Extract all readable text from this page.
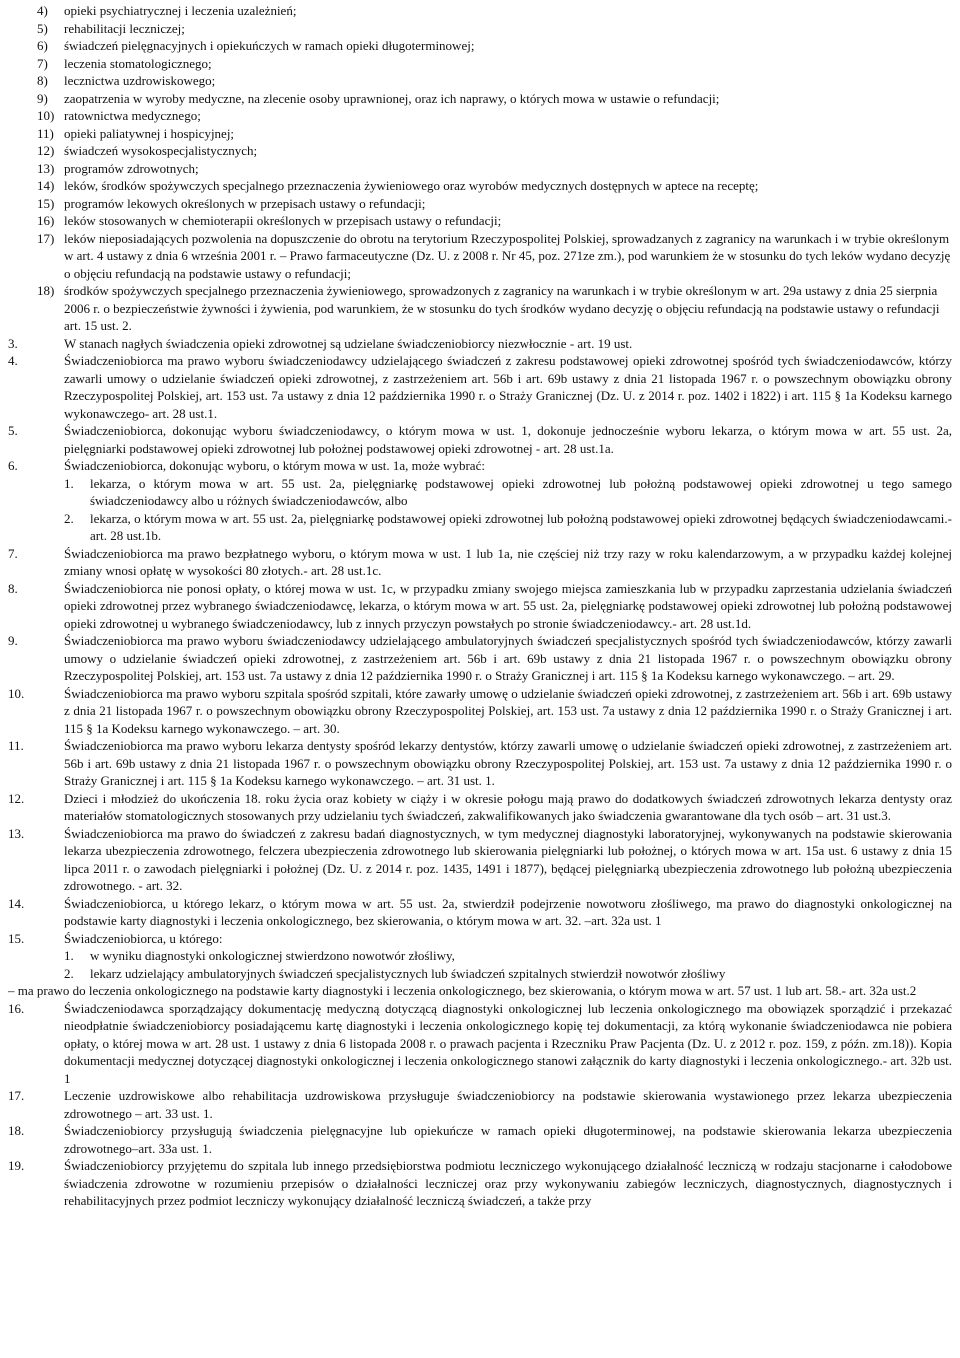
4)	opieki psychiatrycznej i leczenia uzależnień;
5)	rehabilitacji leczniczej;
6)	świadczeń pielęgnacyjnych i opiekuńczych w ramach opieki długoterminowej;
7)	leczenia stomatologicznego;
8)	lecznictwa uzdrowiskowego;
9)	zaopatrzenia w wyroby medyczne, na zlecenie osoby uprawnionej, oraz ich naprawy, o których mowa w ustawie o refundacji;
10) ratownictwa medycznego;
11) opieki paliatywnej i hospicyjnej;
12) świadczeń wysokospecjalistycznych;
13) programów zdrowotnych;
14) leków, środków spożywczych specjalnego przeznaczenia żywieniowego oraz wyrobów medycznych dostępnych w aptece na receptę;
15) programów lekowych określonych w przepisach ustawy o refundacji;
16) leków stosowanych w chemioterapii określonych w przepisach ustawy o refundacji;
17) leków nieposiadających pozwolenia na dopuszczenie do obrotu na terytorium Rzeczypospolitej Polskiej, sprowadzanych z zagranicy na warunkach i w trybie określonym w art. 4 ustawy z dnia 6 września 2001 r. – Prawo farmaceutyczne (Dz. U. z 2008 r. Nr 45, poz. 271ze zm.), pod warunkiem że w stosunku do tych leków wydano decyzję o objęciu refundacją na podstawie ustawy o refundacji;
18) środków spożywczych specjalnego przeznaczenia żywieniowego, sprowadzonych z zagranicy na warunkach i w trybie określonym w art. 29a ustawy z dnia 25 sierpnia 2006 r. o bezpieczeństwie żywności i żywienia, pod warunkiem, że w stosunku do tych środków wydano decyzję o objęciu refundacją na podstawie ustawy o refundacji art. 15 ust. 2.
3.	W stanach nagłych świadczenia opieki zdrowotnej są udzielane świadczeniobiorcy niezwłocznie - art. 19 ust.
4.	Świadczeniobiorca ma prawo wyboru świadczeniodawcy udzielającego świadczeń z zakresu podstawowej opieki zdrowotnej spośród tych świadczeniodawców, którzy zawarli umowy o udzielanie świadczeń opieki zdrowotnej, z zastrzeżeniem art. 56b i art. 69b ustawy z dnia 21 listopada 1967 r. o powszechnym obowiązku obrony Rzeczypospolitej Polskiej, art. 153 ust. 7a ustawy z dnia 12 października 1990 r. o Straży Granicznej (Dz. U. z 2014 r. poz. 1402 i 1822) i art. 115 § 1a Kodeksu karnego wykonawczego- art. 28 ust.1.
5.	Świadczeniobiorca, dokonując wyboru świadczeniodawcy, o którym mowa w ust. 1, dokonuje jednocześnie wyboru lekarza, o którym mowa w art. 55 ust. 2a, pielęgniarki podstawowej opieki zdrowotnej lub położnej podstawowej opieki zdrowotnej - art. 28 ust.1a.
6.	Świadczeniobiorca, dokonując wyboru, o którym mowa w ust. 1a, może wybrać:
1.	lekarza, o którym mowa w art. 55 ust. 2a, pielęgniarkę podstawowej opieki zdrowotnej lub położną podstawowej opieki zdrowotnej u tego samego świadczeniodawcy albo u różnych świadczeniodawców, albo
2.	lekarza, o którym mowa w art. 55 ust. 2a, pielęgniarkę podstawowej opieki zdrowotnej lub położną podstawowej opieki zdrowotnej będących świadczeniodawcami.- art. 28 ust.1b.
7.	Świadczeniobiorca ma prawo bezpłatnego wyboru, o którym mowa w ust. 1 lub 1a, nie częściej niż trzy razy w roku kalendarzowym, a w przypadku każdej kolejnej zmiany wnosi opłatę w wysokości 80 złotych.- art. 28 ust.1c.
8.	Świadczeniobiorca nie ponosi opłaty, o której mowa w ust. 1c, w przypadku zmiany swojego miejsca zamieszkania lub w przypadku zaprzestania udzielania świadczeń opieki zdrowotnej przez wybranego świadczeniodawcę, lekarza, o którym mowa w art. 55 ust. 2a, pielęgniarkę podstawowej opieki zdrowotnej lub położną podstawowej opieki zdrowotnej u wybranego świadczeniodawcy, lub z innych przyczyn powstałych po stronie świadczeniodawcy.- art. 28 ust.1d.
9.	Świadczeniobiorca ma prawo wyboru świadczeniodawcy udzielającego ambulatoryjnych świadczeń specjalistycznych spośród tych świadczeniodawców, którzy zawarli umowy o udzielanie świadczeń opieki zdrowotnej, z zastrzeżeniem art. 56b i art. 69b ustawy z dnia 21 listopada 1967 r. o powszechnym obowiązku obrony Rzeczypospolitej Polskiej, art. 153 ust. 7a ustawy z dnia 12 października 1990 r. o Straży Granicznej i art. 115 § 1a Kodeksu karnego wykonawczego. – art. 29.
10.	Świadczeniobiorca ma prawo wyboru szpitala spośród szpitali, które zawarły umowę o udzielanie świadczeń opieki zdrowotnej, z zastrzeżeniem art. 56b i art. 69b ustawy z dnia 21 listopada 1967 r. o powszechnym obowiązku obrony Rzeczypospolitej Polskiej, art. 153 ust. 7a ustawy z dnia 12 października 1990 r. o Straży Granicznej i art. 115 § 1a Kodeksu karnego wykonawczego. – art. 30.
11.	Świadczeniobiorca ma prawo wyboru lekarza dentysty spośród lekarzy dentystów, którzy zawarli umowę o udzielanie świadczeń opieki zdrowotnej, z zastrzeżeniem art. 56b i art. 69b ustawy z dnia 21 listopada 1967 r. o powszechnym obowiązku obrony Rzeczypospolitej Polskiej, art. 153 ust. 7a ustawy z dnia 12 października 1990 r. o Straży Granicznej i art. 115 § 1a Kodeksu karnego wykonawczego. – art. 31 ust. 1.
12.	Dzieci i młodzież do ukończenia 18. roku życia oraz kobiety w ciąży i w okresie połogu mają prawo do dodatkowych świadczeń zdrowotnych lekarza dentysty oraz materiałów stomatologicznych stosowanych przy udzielaniu tych świadczeń, zakwalifikowanych jako świadczenia gwarantowane dla tych osób – art. 31 ust.3.
13.	Świadczeniobiorca ma prawo do świadczeń z zakresu badań diagnostycznych, w tym medycznej diagnostyki laboratoryjnej, wykonywanych na podstawie skierowania lekarza ubezpieczenia zdrowotnego, felczera ubezpieczenia zdrowotnego lub skierowania pielęgniarki lub położnej, o których mowa w art. 15a ust. 6 ustawy z dnia 15 lipca 2011 r. o zawodach pielęgniarki i położnej (Dz. U. z 2014 r. poz. 1435, 1491 i 1877), będącej pielęgniarką ubezpieczenia zdrowotnego lub położną ubezpieczenia zdrowotnego. - art. 32.
14.	Świadczeniobiorca, u którego lekarz, o którym mowa w art. 55 ust. 2a, stwierdził podejrzenie nowotworu złośliwego, ma prawo do diagnostyki onkologicznej na podstawie karty diagnostyki i leczenia onkologicznego, bez skierowania, o którym mowa w art. 32. –art. 32a ust. 1
15.	Świadczeniobiorca, u którego:
1.	w wyniku diagnostyki onkologicznej stwierdzono nowotwór złośliwy,
2.	lekarz udzielający ambulatoryjnych świadczeń specjalistycznych lub świadczeń szpitalnych stwierdził nowotwór złośliwy
– ma prawo do leczenia onkologicznego na podstawie karty diagnostyki i leczenia onkologicznego, bez skierowania, o którym mowa w art. 57 ust. 1 lub art. 58.- art. 32a ust.2
16.	Świadczeniodawca sporządzający dokumentację medyczną dotyczącą diagnostyki onkologicznej lub leczenia onkologicznego ma obowiązek sporządzić i przekazać nieodpłatnie świadczeniobiorcy posiadającemu kartę diagnostyki i leczenia onkologicznego kopię tej dokumentacji, za którą wykonanie świadczeniodawca nie pobiera opłaty, o której mowa w art. 28 ust. 1 ustawy z dnia 6 listopada 2008 r. o prawach pacjenta i Rzeczniku Praw Pacjenta (Dz. U. z 2012 r. poz. 159, z późn. zm.18)). Kopia dokumentacji medycznej dotyczącej diagnostyki onkologicznej i leczenia onkologicznego stanowi załącznik do karty diagnostyki i leczenia onkologicznego.- art. 32b ust. 1
17.	Leczenie uzdrowiskowe albo rehabilitacja uzdrowiskowa przysługuje świadczeniobiorcy na podstawie skierowania wystawionego przez lekarza ubezpieczenia zdrowotnego – art. 33 ust. 1.
18.	Świadczeniobiorcy przysługują świadczenia pielęgnacyjne lub opiekuńcze w ramach opieki długoterminowej, na podstawie skierowania lekarza ubezpieczenia zdrowotnego–art. 33a ust. 1.
19.	Świadczeniobiorcy przyjętemu do szpitala lub innego przedsiębiorstwa podmiotu leczniczego wykonującego działalność leczniczą w rodzaju stacjonarne i całodobowe świadczenia zdrowotne w rozumieniu przepisów o działalności leczniczej oraz przy wykonywaniu zabiegów leczniczych, diagnostycznych, diagnostycznych i rehabilitacyjnych przez podmiot leczniczy wykonujący działalność leczniczą świadczeń, a także przy
